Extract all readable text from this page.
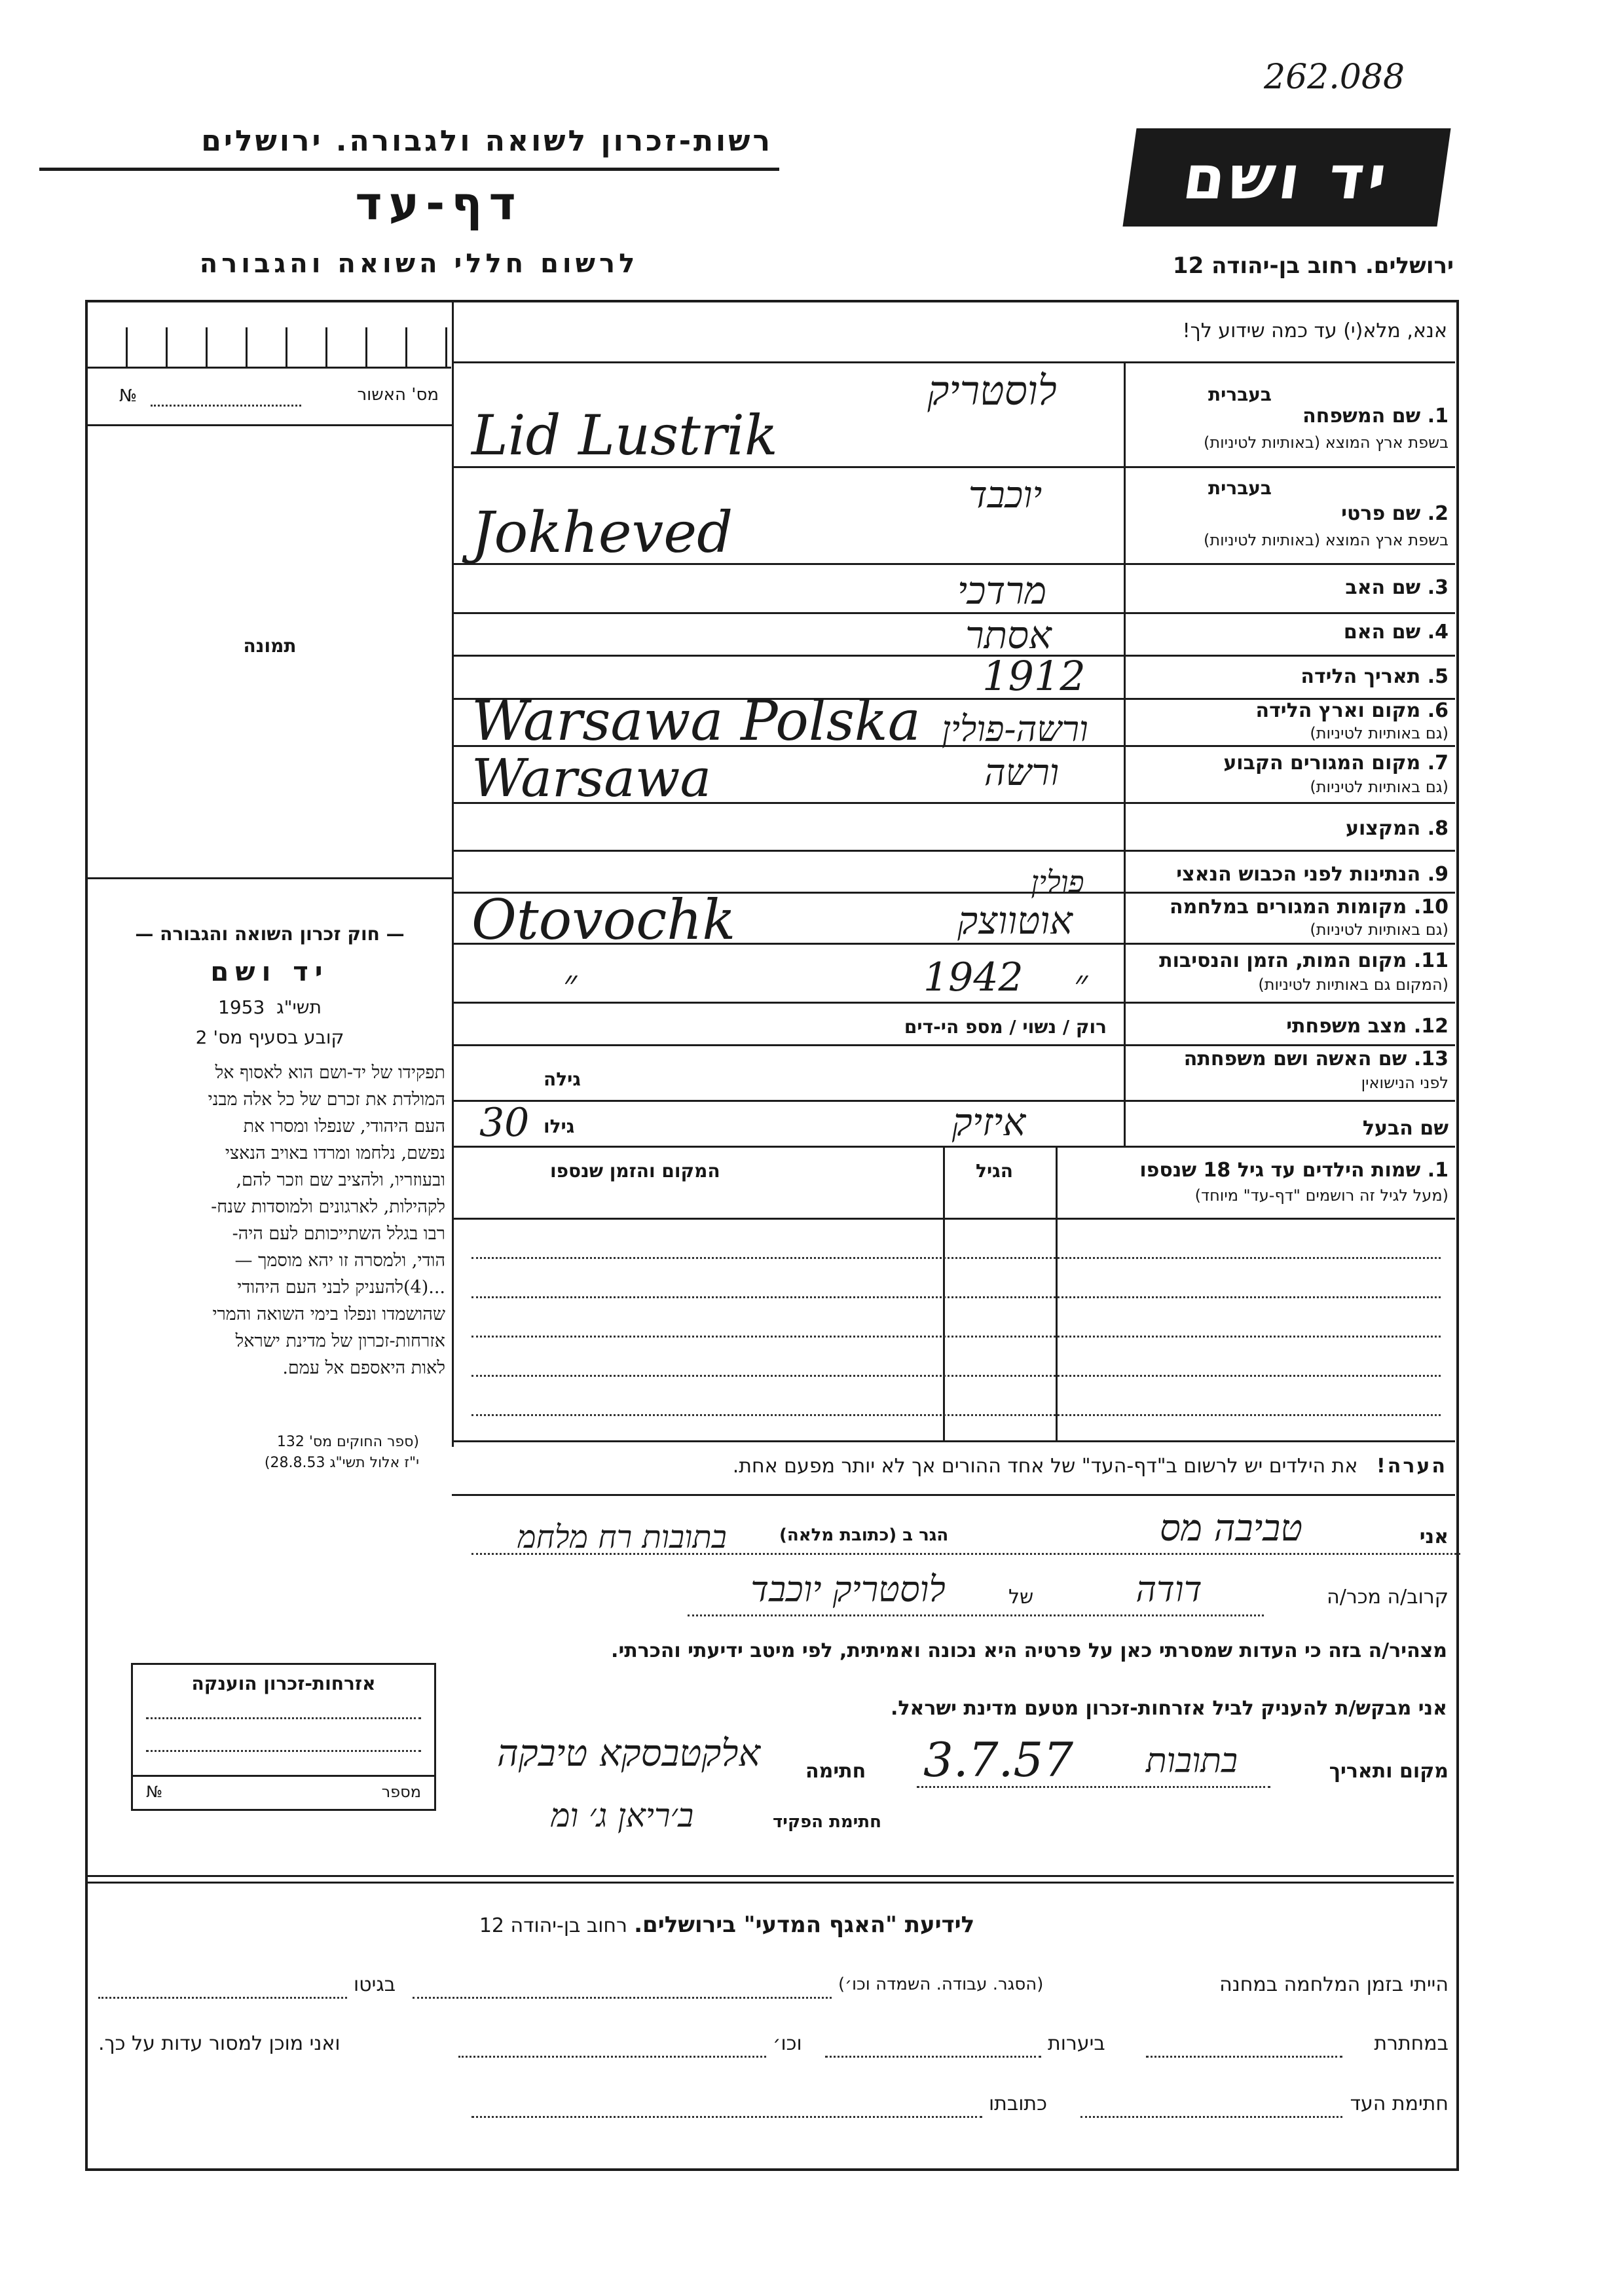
262.088
רשות-זכרון לשואה ולגבורה. ירושלים
דף-עד
לרשום חללי השואה והגבורה
יד ושם
ירושלים. רחוב בן-יהודה 12
מס' האשור
№
תמונה
— חוק זכרון השואה והגבורה —
יד ושם
1953 תשי"ג
קובע בסעיף מס' 2
תפקידו של יד-ושם הוא לאסוף אל
המולדת את זכרם של כל אלה מבני
העם היהודי, שנפלו ומסרו את
נפשם, נלחמו ומרדו באויב הנאצי
ובעוזריו, ולהציב שם וזכר להם,
לקהילות, לארגונים ולמוסדות שנח-
רבו בגלל השתייכותם לעם היה-
הודי, ולמסרה זו יהא מוסמך —
...(4)להעניק לבני העם היהודי
שהושמדו ונפלו בימי השואה והמרי
אזרחות-זכרון של מדינת ישראל
לאות היאספם אל עמם.
(ספר החוקים מס' 132
י"ז אלול תשי"ג 28.8.53)
אזרחות-זכרון הוענקה
מספר
№
אנא, מלא(י) עד כמה שידוע לך!
בעברית
1. שם המשפחה
בשפת ארץ המוצא (באותיות לטיניות)
לוסטריק
Lid Lustrik
בעברית
2. שם פרטי
בשפת ארץ המוצא (באותיות לטיניות)
יוכבד
Jokheved
3. שם האב
מרדכי
4. שם האם
אסתר
5. תאריך הלידה
1912
6. מקום וארץ הלידה
(גם באותיות לטיניות)
ורשה-פולין
Warsawa Polska
7. מקום המגורים הקבוע
(גם באותיות לטיניות)
ורשה
Warsawa
8. המקצוע
9. הנתינות לפני הכבוש הנאצי
פולין
10. מקומות המגורים במלחמה
(גם באותיות לטיניות)
אוטווצק
Otovochk
11. מקום המות, הזמן והנסיבות
(המקום גם באותיות לטיניות)
״	1942 ״
12. מצב משפחתי
רוק / נשוי / מספ הי-דים
13. שם האשה ושם משפחתה
לפני הנישואין
גילה
שם הבעל
איזיק
גילו
30
1. שמות הילדים עד גיל 18 שנספו
(מעל לגיל זה רושמים "דף-עד" מיוחד)
הגיל
המקום והזמן שנספו
הערה!   את הילדים יש לרשום ב"דף-העד" של אחד ההורים אך לא יותר מפעם אחת.
אני
טביבה מס
הגר ב (כתובת מלאה)
בתובות רח מלחמ
קרוב/ה מכר/ה
דודה
של
לוסטריק יוכבד
מצהיר/ה בזה כי העדות שמסרתי כאן על פרטיה היא נכונה ואמיתית, לפי מיטב ידיעתי והכרתי.
אני מבקש/ת להעניק לביל אזרחות-זכרון מטעם מדינת ישראל.
מקום ותאריך
בתובות
3.7.57
חתימה
אלקטבסקא טיבקה
חתימת הפקיד
ב׳ריאן ג׳ ומ
לידיעת "האגף המדעי" בירושלים.  רחוב בן-יהודה 12
הייתי בזמן המלחמה במחנה
(הסגר. עבודה. השמדה וכו׳)
בגיטו
במחתרת
ביערות
וכו׳
ואני מוכן למסור עדות על כך.
חתימת העד
כתובתו
